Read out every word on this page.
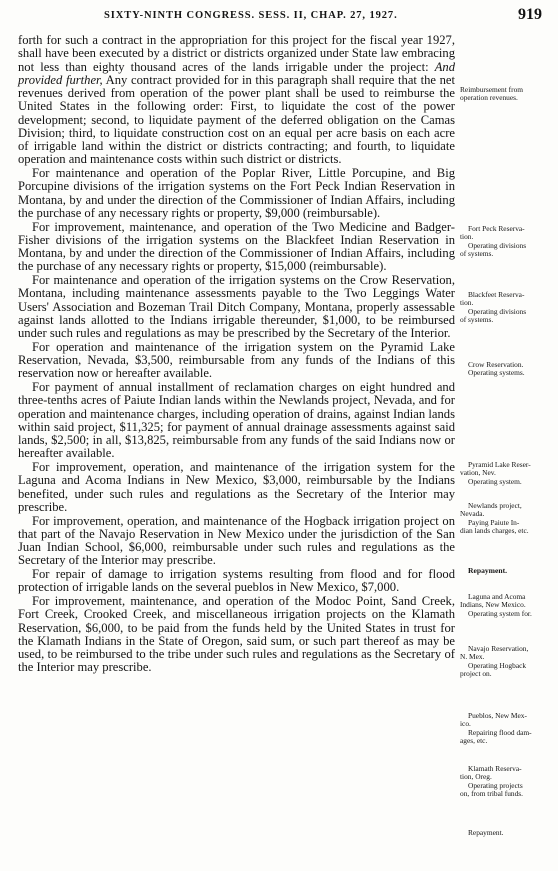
SIXTY-NINTH CONGRESS. SESS. II, CHAP. 27, 1927.	919

forth for such a contract in the appropriation for this project for the fiscal year 1927, shall have been executed by a district or districts organized under State law embracing not less than eighty thousand acres of the lands irrigable under the project: And provided further, Any contract provided for in this paragraph shall require that the net revenues derived from operation of the power plant shall be used to reimburse the United States in the following order: First, to liquidate the cost of the power development; second, to liquidate payment of the deferred obligation on the Camas Division; third, to liquidate construction cost on an equal per acre basis on each acre of irrigable land within the district or districts contracting; and fourth, to liquidate operation and maintenance costs within such district or districts.

For maintenance and operation of the Poplar River, Little Porcupine, and Big Porcupine divisions of the irrigation systems on the Fort Peck Indian Reservation in Montana, by and under the direction of the Commissioner of Indian Affairs, including the purchase of any necessary rights or property, $9,000 (reimbursable).

For improvement, maintenance, and operation of the Two Medicine and Badger-Fisher divisions of the irrigation systems on the Blackfeet Indian Reservation in Montana, by and under the direction of the Commissioner of Indian Affairs, including the purchase of any necessary rights or property, $15,000 (reimbursable).

For maintenance and operation of the irrigation systems on the Crow Reservation, Montana, including maintenance assessments payable to the Two Leggings Water Users' Association and Bozeman Trail Ditch Company, Montana, properly assessable against lands allotted to the Indians irrigable thereunder, $1,000, to be reimbursed under such rules and regulations as may be prescribed by the Secretary of the Interior.

For operation and maintenance of the irrigation system on the Pyramid Lake Reservation, Nevada, $3,500, reimbursable from any funds of the Indians of this reservation now or hereafter available.

For payment of annual installment of reclamation charges on eight hundred and three-tenths acres of Paiute Indian lands within the Newlands project, Nevada, and for operation and maintenance charges, including operation of drains, against Indian lands within said project, $11,325; for payment of annual drainage assessments against said lands, $2,500; in all, $13,825, reimbursable from any funds of the said Indians now or hereafter available.

For improvement, operation, and maintenance of the irrigation system for the Laguna and Acoma Indians in New Mexico, $3,000, reimbursable by the Indians benefited, under such rules and regulations as the Secretary of the Interior may prescribe.

For improvement, operation, and maintenance of the Hogback irrigation project on that part of the Navajo Reservation in New Mexico under the jurisdiction of the San Juan Indian School, $6,000, reimbursable under such rules and regulations as the Secretary of the Interior may prescribe.

For repair of damage to irrigation systems resulting from flood and for flood protection of irrigable lands on the several pueblos in New Mexico, $7,000.

For improvement, maintenance, and operation of the Modoc Point, Sand Creek, Fort Creek, Crooked Creek, and miscellaneous irrigation projects on the Klamath Reservation, $6,000, to be paid from the funds held by the United States in trust for the Klamath Indians in the State of Oregon, said sum, or such part thereof as may be used, to be reimbursed to the tribe under such rules and regulations as the Secretary of the Interior may prescribe.

Reimbursement from
operation revenues.
Fort Peck Reserva-
tion.

Operating divisions
of systems.
Blackfeet Reserva-
tion.

Operating divisions
of systems.
Crow Reservation.
Operating systems.
Pyramid Lake Reser-
vation, Nev.

Operating system.
Newlands project,
Nevada.

Paying Paiute In-
dian lands charges, etc.
Repayment.
Laguna and Acoma
Indians, New Mexico.

Operating system for.
Navajo Reservation,
N. Mex.

Operating Hogback
project on.
Pueblos, New Mex-
ico.

Repairing flood dam-
ages, etc.
Klamath Reserva-
tion, Oreg.

Operating projects
on, from tribal funds.
Repayment.
